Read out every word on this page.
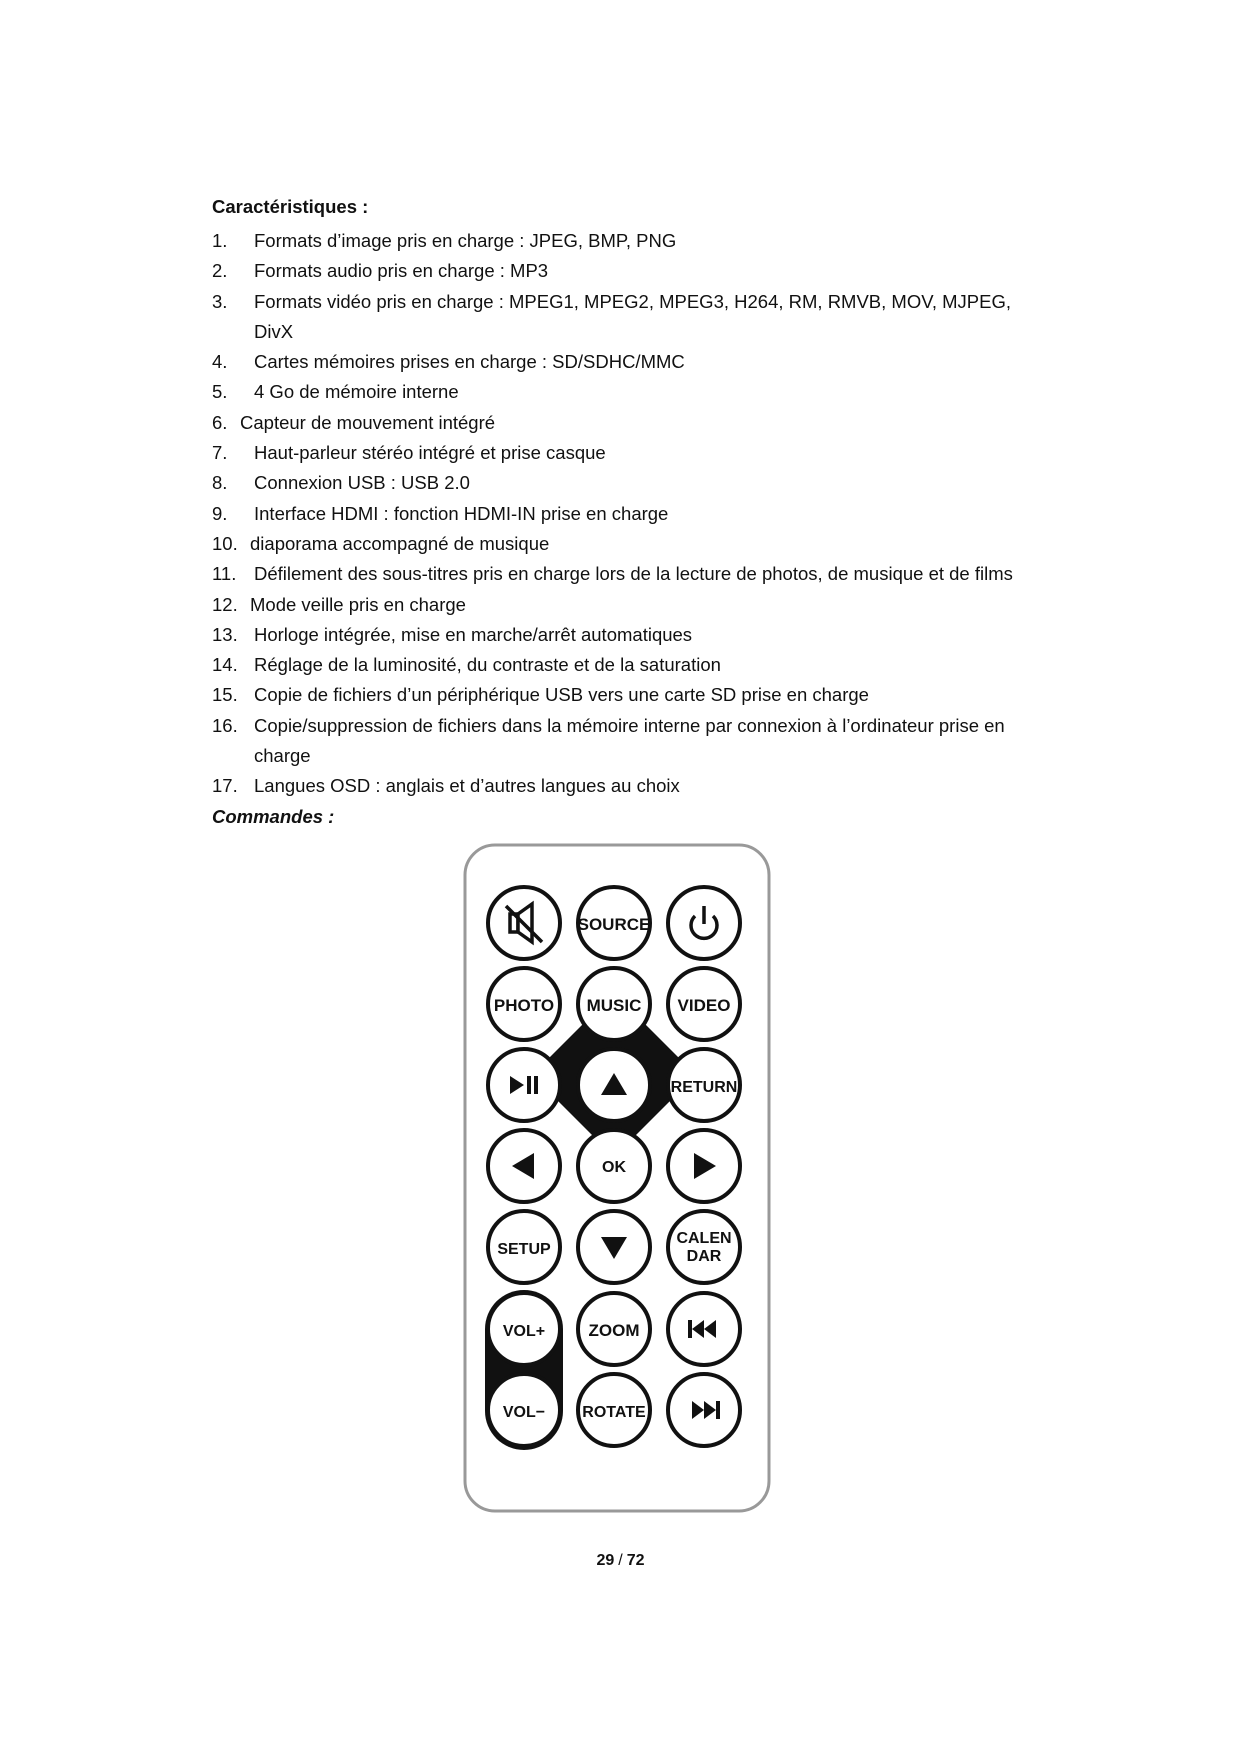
Caractéristiques :
1. Formats d’image pris en charge : JPEG, BMP, PNG
2. Formats audio pris en charge : MP3
3. Formats vidéo pris en charge : MPEG1, MPEG2, MPEG3, H264, RM, RMVB, MOV, MJPEG, DivX
4. Cartes mémoires prises en charge : SD/SDHC/MMC
5. 4 Go de mémoire interne
6. Capteur de mouvement intégré
7. Haut-parleur stéréo intégré et prise casque
8. Connexion USB : USB 2.0
9. Interface HDMI : fonction HDMI-IN prise en charge
10. diaporama accompagné de musique
11. Défilement des sous-titres pris en charge lors de la lecture de photos, de musique et de films
12. Mode veille pris en charge
13. Horloge intégrée, mise en marche/arrêt automatiques
14. Réglage de la luminosité, du contraste et de la saturation
15. Copie de fichiers d’un périphérique USB vers une carte SD prise en charge
16. Copie/suppression de fichiers dans la mémoire interne par connexion à l’ordinateur prise en charge
17. Langues OSD : anglais et d’autres langues au choix
Commandes :
SOURCE
PHOTO MUSIC VIDEO
RETURN
OK
SETUP
CALEN
DAR
VOL+	ZOOM
VOL− ROTATE
29 / 72
